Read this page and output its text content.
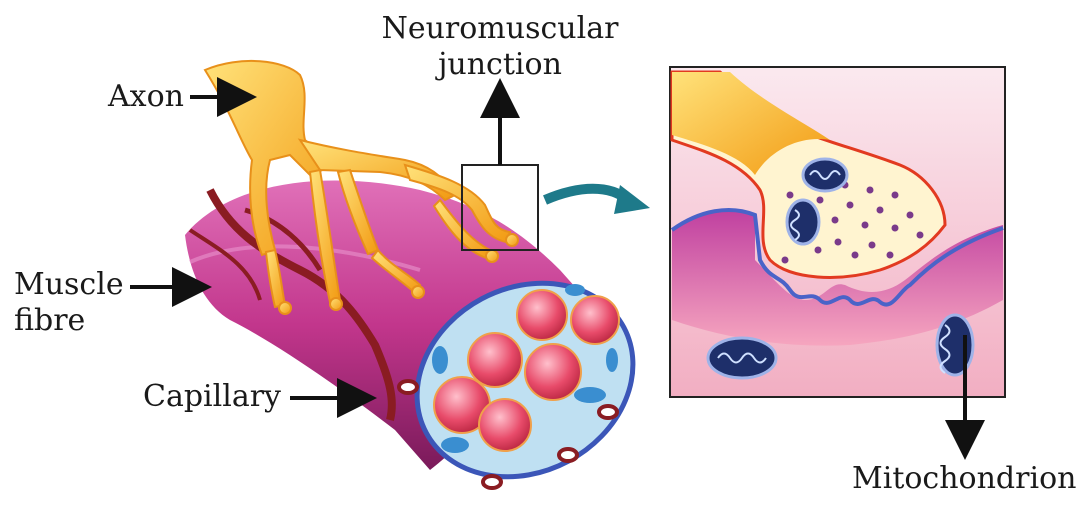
Axon
Neuromuscular
junction
Muscle
fibre
Capillary
Mitochondrion
